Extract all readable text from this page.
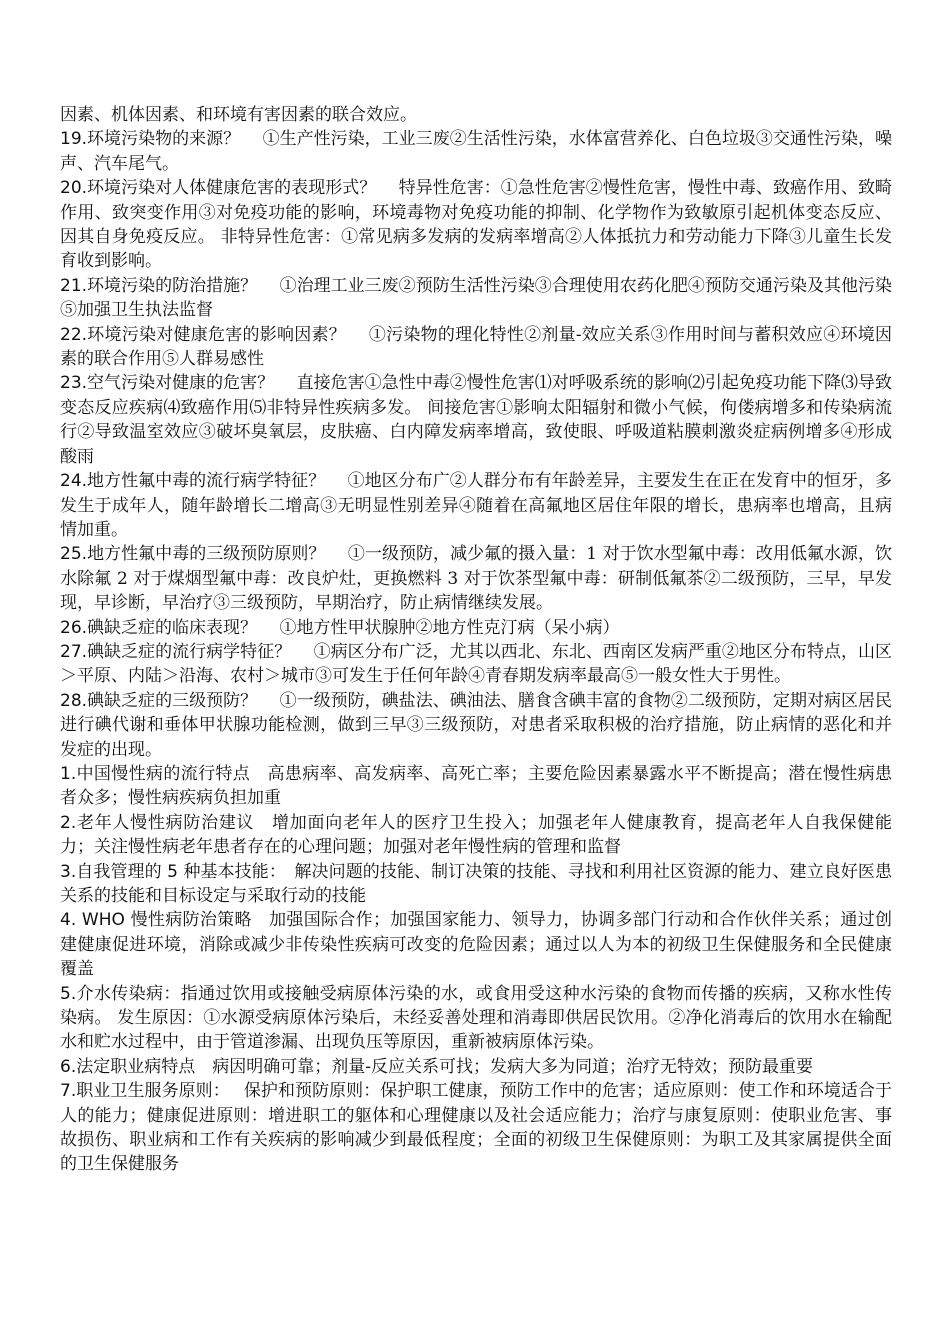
因素、机体因素、和环境有害因素的联合效应。

19.环境污染物的来源？　 ①生产性污染，工业三废②生活性污染，水体富营养化、白色垃圾③交通性污染，噪声、汽车尾气。

20.环境污染对人体健康危害的表现形式？　 特异性危害：①急性危害②慢性危害，慢性中毒、致癌作用、致畸作用、致突变作用③对免疫功能的影响，环境毒物对免疫功能的抑制、化学物作为致敏原引起机体变态反应、因其自身免疫反应。 非特异性危害：①常见病多发病的发病率增高②人体抵抗力和劳动能力下降③儿童生长发育收到影响。

21.环境污染的防治措施？　 ①治理工业三废②预防生活性污染③合理使用农药化肥④预防交通污染及其他污染⑤加强卫生执法监督

22.环境污染对健康危害的影响因素？　 ①污染物的理化特性②剂量-效应关系③作用时间与蓄积效应④环境因素的联合作用⑤人群易感性

23.空气污染对健康的危害？　 直接危害①急性中毒②慢性危害⑴对呼吸系统的影响⑵引起免疫功能下降⑶导致变态反应疾病⑷致癌作用⑸非特异性疾病多发。 间接危害①影响太阳辐射和微小气候，佝偻病增多和传染病流行②导致温室效应③破坏臭氧层，皮肤癌、白内障发病率增高，致使眼、呼吸道粘膜刺激炎症病例增多④形成酸雨

24.地方性氟中毒的流行病学特征？　 ①地区分布广②人群分布有年龄差异，主要发生在正在发育中的恒牙，多发生于成年人，随年龄增长二增高③无明显性别差异④随着在高氟地区居住年限的增长，患病率也增高，且病情加重。

25.地方性氟中毒的三级预防原则？　 ①一级预防，减少氟的摄入量：1 对于饮水型氟中毒：改用低氟水源，饮水除氟 2 对于煤烟型氟中毒：改良炉灶，更换燃料 3 对于饮茶型氟中毒：研制低氟茶②二级预防，三早，早发现，早诊断，早治疗③三级预防，早期治疗，防止病情继续发展。

26.碘缺乏症的临床表现？　 ①地方性甲状腺肿②地方性克汀病（呆小病）

27.碘缺乏症的流行病学特征？　 ①病区分布广泛，尤其以西北、东北、西南区发病严重②地区分布特点，山区＞平原、内陆＞沿海、农村＞城市③可发生于任何年龄④青春期发病率最高⑤一般女性大于男性。

28.碘缺乏症的三级预防？　 ①一级预防，碘盐法、碘油法、膳食含碘丰富的食物②二级预防，定期对病区居民进行碘代谢和垂体甲状腺功能检测，做到三早③三级预防，对患者采取积极的治疗措施，防止病情的恶化和并发症的出现。

1.中国慢性病的流行特点　高患病率、高发病率、高死亡率；主要危险因素暴露水平不断提高；潜在慢性病患者众多；慢性病疾病负担加重

2.老年人慢性病防治建议　增加面向老年人的医疗卫生投入；加强老年人健康教育，提高老年人自我保健能力；关注慢性病老年患者存在的心理问题；加强对老年慢性病的管理和监督

3.自我管理的 5 种基本技能：　解决问题的技能、制订决策的技能、寻找和利用社区资源的能力、建立良好医患关系的技能和目标设定与采取行动的技能

4. WHO 慢性病防治策略　加强国际合作；加强国家能力、领导力，协调多部门行动和合作伙伴关系；通过创建健康促进环境，消除或减少非传染性疾病可改变的危险因素；通过以人为本的初级卫生保健服务和全民健康覆盖

5.介水传染病：指通过饮用或接触受病原体污染的水，或食用受这种水污染的食物而传播的疾病，又称水性传染病。 发生原因：①水源受病原体污染后，未经妥善处理和消毒即供居民饮用。②净化消毒后的饮用水在输配水和贮水过程中，由于管道渗漏、出现负压等原因，重新被病原体污染。

6.法定职业病特点　病因明确可靠；剂量-反应关系可找；发病大多为同道；治疗无特效；预防最重要

7.职业卫生服务原则：　 保护和预防原则：保护职工健康，预防工作中的危害；适应原则：使工作和环境适合于人的能力；健康促进原则：增进职工的躯体和心理健康以及社会适应能力；治疗与康复原则：使职业危害、事故损伤、职业病和工作有关疾病的影响减少到最低程度；全面的初级卫生保健原则：为职工及其家属提供全面的卫生保健服务
